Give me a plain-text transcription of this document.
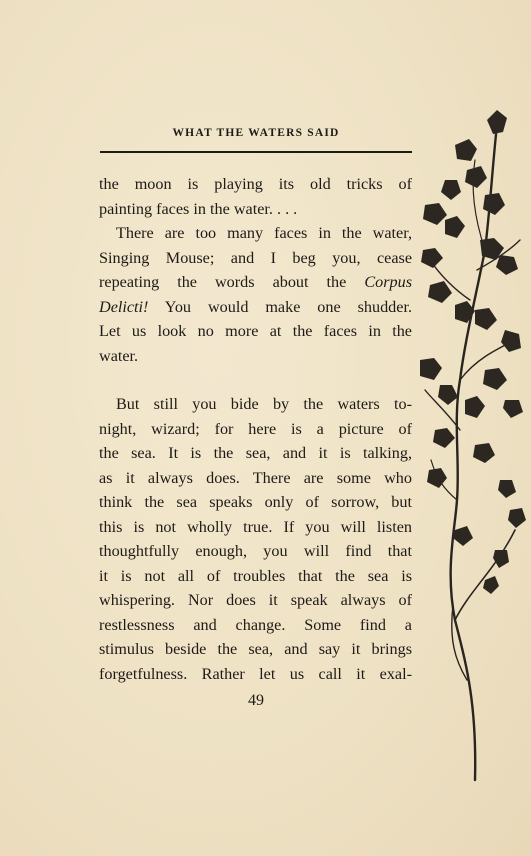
WHAT THE WATERS SAID

the moon is playing its old tricks of
painting faces in the water. . . .

There are too many faces in the water,
Singing Mouse; and I beg you, cease
repeating the words about the Corpus
Delicti! You would make one shudder.
Let us look no more at the faces in the
water.

But still you bide by the waters to-
night, wizard; for here is a picture of
the sea. It is the sea, and it is talking,
as it always does. There are some who
think the sea speaks only of sorrow, but
this is not wholly true. If you will listen
thoughtfully enough, you will find that
it is not all of troubles that the sea is
whispering. Nor does it speak always of
restlessness and change. Some find a
stimulus beside the sea, and say it brings
forgetfulness. Rather let us call it exal-

49
